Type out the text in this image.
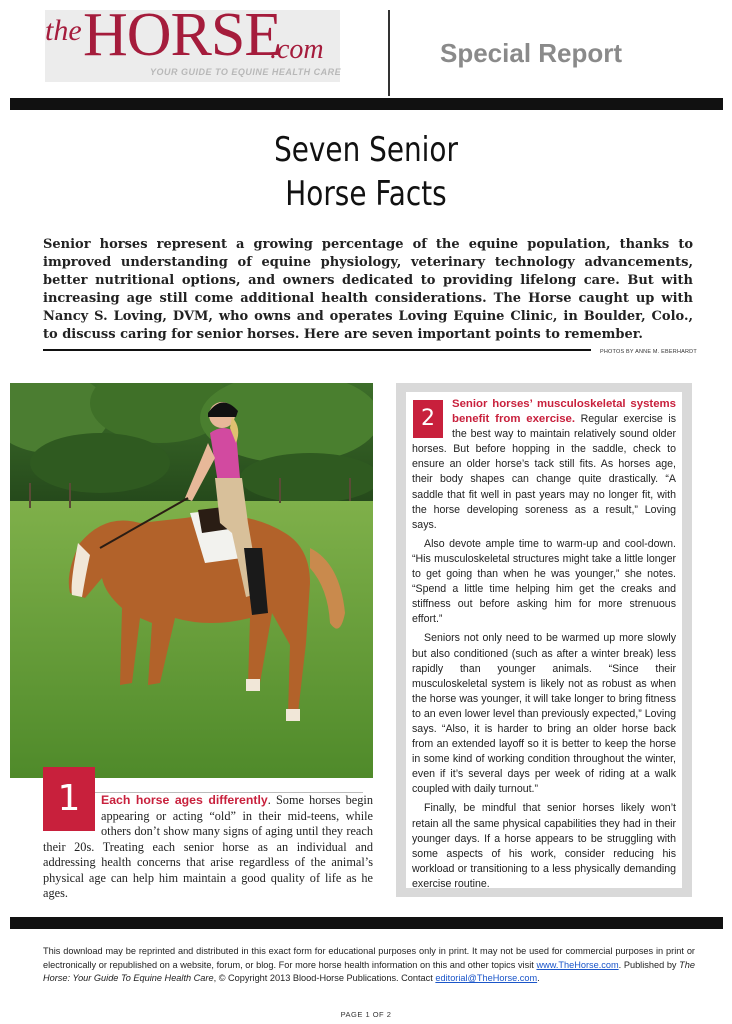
the HORSE
.com
YOUR GUIDE TO EQUINE HEALTH CARE
Special Report
Seven Senior
Horse Facts
Senior horses represent a growing percentage of the equine population, thanks to improved understanding of equine physiology, veterinary technology advancements, better nutritional options, and owners dedicated to providing lifelong care. But with increasing age still come additional health considerations. The Horse caught up with Nancy S. Loving, DVM, who owns and operates Loving Equine Clinic, in Boulder, Colo., to discuss caring for senior horses. Here are seven important points to remember.
PHOTOS BY ANNE M. EBERHARDT
1	Each horse ages differently. Some horses begin appearing or acting “old” in their mid-teens, while others don’t show many signs of aging until they reach their 20s. Treating each senior horse as an individual and addressing health concerns that arise regardless of the animal’s physical age can help him maintain a good quality of life as he ages.
2

Senior horses’ musculoskeletal systems benefit from exercise. Regular exercise is the best way to maintain relatively sound older horses. But before hopping in the saddle, check to ensure an older horse’s tack still fits. As horses age, their body shapes can change quite drastically. “A saddle that fit well in past years may no longer fit, with the horse developing soreness as a result,” Loving says.

Also devote ample time to warm-up and cool-down. “His musculoskeletal structures might take a little longer to get going than when he was younger,” she notes. “Spend a little time helping him get the creaks and stiffness out before asking him for more strenuous effort.”

Seniors not only need to be warmed up more slowly but also conditioned (such as after a winter break) less rapidly than younger animals. “Since their musculoskeletal system is likely not as robust as when the horse was younger, it will take longer to bring fitness to an even lower level than previously expected,” Loving says. “Also, it is harder to bring an older horse back from an extended layoff so it is better to keep the horse in some kind of working condition throughout the winter, even if it’s several days per week of riding at a walk coupled with daily turnout.”

Finally, be mindful that senior horses likely won’t retain all the same physical capabilities they had in their younger days. If a horse appears to be struggling with some aspects of his work, consider reducing his workload or transitioning to a less physically demanding exercise routine.

This download may be reprinted and distributed in this exact form for educational purposes only in print. It may not be used for commercial purposes in print or electronically or republished on a website, forum, or blog. For more horse health information on this and other topics visit www.TheHorse.com. Published by The Horse: Your Guide To Equine Health Care, © Copyright 2013 Blood-Horse Publications. Contact editorial@TheHorse.com.
PAGE 1 OF 2
